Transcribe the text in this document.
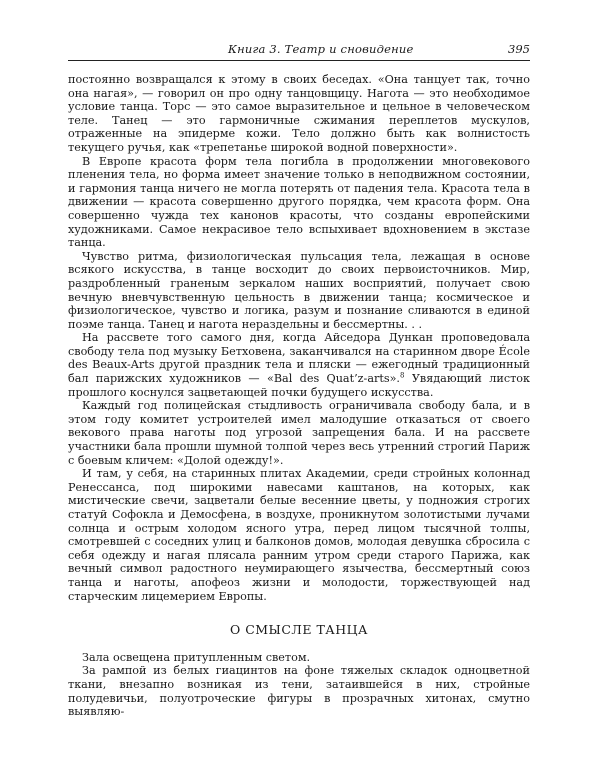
Книга 3. Театр и сновидение	395

постоянно возвращался к этому в своих беседах. «Она танцует так, точно она нагая», — говорил он про одну танцовщицу. Нагота — это необходимое условие танца. Торс — это самое выразительное и цельное в человеческом теле. Танец — это гармоничные сжимания переплетов мускулов, отраженные на эпидерме кожи. Тело должно быть как волнистость текущего ручья, как «трепетанье широкой водной поверхности».

В Европе красота форм тела погибла в продолжении многовекового пленения тела, но форма имеет значение только в неподвижном состоянии, и гармония танца ничего не могла потерять от падения тела. Красота тела в движении — красота совершенно другого порядка, чем красота форм. Она совершенно чужда тех канонов красоты, что созданы европейскими художниками. Самое некрасивое тело вспыхивает вдохновением в экстазе танца.

Чувство ритма, физиологическая пульсация тела, лежащая в основе всякого искусства, в танце восходит до своих первоисточников. Мир, раздробленный граненым зеркалом наших восприятий, получает свою вечную вневчувственную цельность в движении танца; космическое и физиологическое, чувство и логика, разум и познание сливаются в единой поэме танца. Танец и нагота нераздельны и бессмертны. . .

На рассвете того самого дня, когда Айседора Дункан проповедовала свободу тела под музыку Бетховена, заканчивался на старинном дворе École des Beaux-Arts другой праздник тела и пляски — ежегодный традиционный бал парижских художников — «Bal des Quat’z-arts».$^8$ Увядающий листок прошлого коснулся зацветающей почки будущего искусства.

Каждый год полицейская стыдливость ограничивала свободу бала, и в этом году комитет устроителей имел малодушие отказаться от своего векового права наготы под угрозой запрещения бала. И на рассвете участники бала прошли шумной толпой через весь утренний строгий Париж с боевым кличем: «Долой одежду!».

И там, у себя, на старинных плитах Академии, среди стройных колоннад Ренессанса, под широкими навесами каштанов, на которых, как мистические свечи, зацветали белые весенние цветы, у подножия строгих статуй Софокла и Демосфена, в воздухе, проникнутом золотистыми лучами солнца и острым холодом ясного утра, перед лицом тысячной толпы, смотревшей с соседних улиц и балконов домов, молодая девушка сбросила с себя одежду и нагая плясала ранним утром среди старого Парижа, как вечный символ радостного неумирающего язычества, бессмертный союз танца и наготы, апофеоз жизни и молодости, торжествующей над старческим лицемерием Европы.

О СМЫСЛЕ ТАНЦА

Зала освещена притупленным светом.

За рампой из белых гиацинтов на фоне тяжелых складок одноцветной ткани, внезапно возникая из тени, затаившейся в них, стройные полудевичьи, полуотроческие фигуры в прозрачных хитонах, смутно выявляю-
